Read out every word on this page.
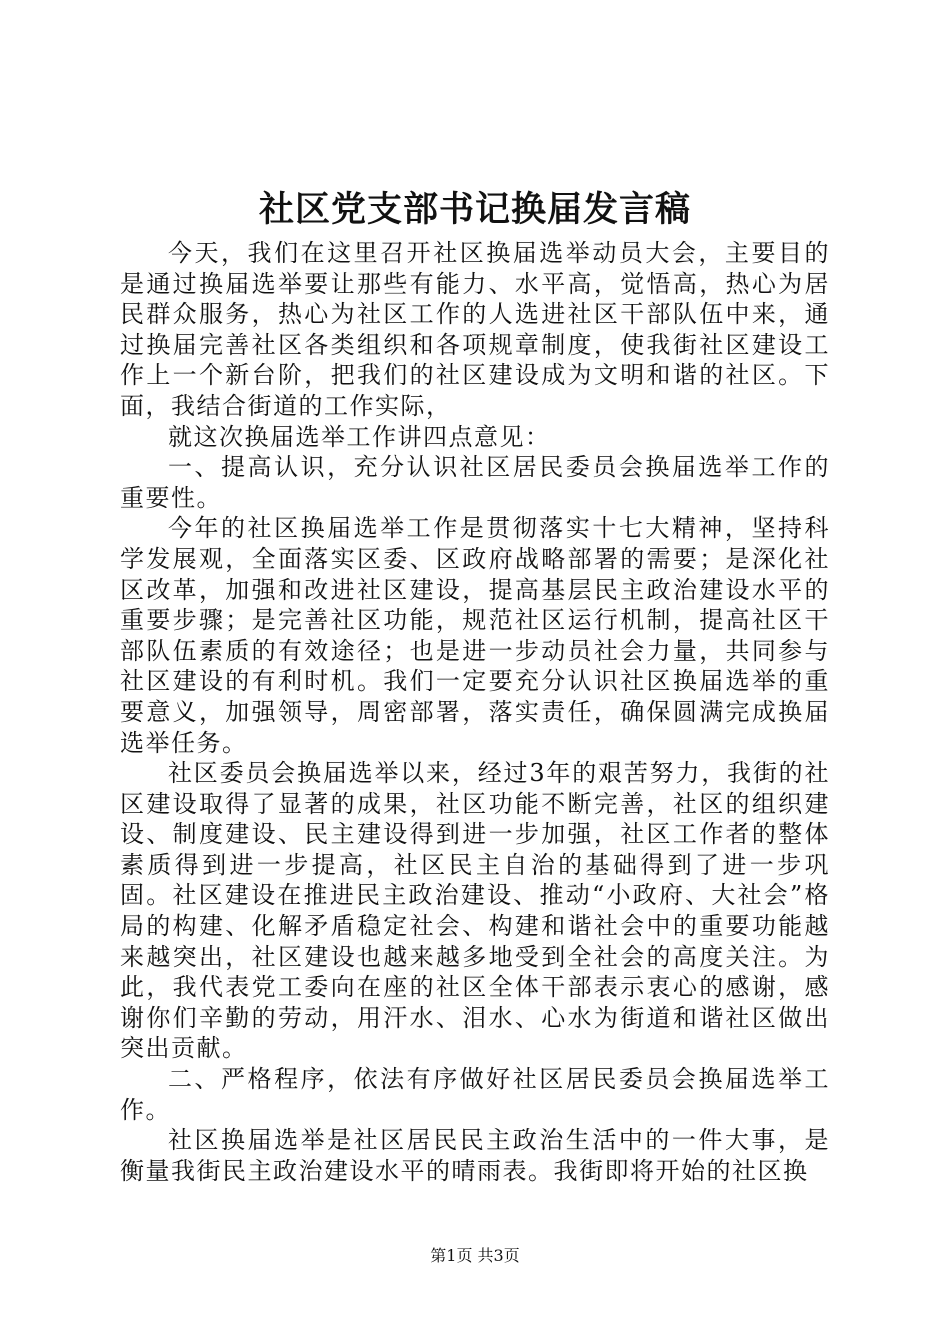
社区党支部书记换届发言稿

今天，我们在这里召开社区换届选举动员大会，主要目的是通过换届选举要让那些有能力、水平高，觉悟高，热心为居民群众服务，热心为社区工作的人选进社区干部队伍中来，通过换届完善社区各类组织和各项规章制度，使我街社区建设工作上一个新台阶，把我们的社区建设成为文明和谐的社区。下面，我结合街道的工作实际，

就这次换届选举工作讲四点意见：

一、提高认识，充分认识社区居民委员会换届选举工作的重要性。

今年的社区换届选举工作是贯彻落实十七大精神，坚持科学发展观，全面落实区委、区政府战略部署的需要；是深化社区改革，加强和改进社区建设，提高基层民主政治建设水平的重要步骤；是完善社区功能，规范社区运行机制，提高社区干部队伍素质的有效途径；也是进一步动员社会力量，共同参与社区建设的有利时机。我们一定要充分认识社区换届选举的重要意义，加强领导，周密部署，落实责任，确保圆满完成换届选举任务。

社区委员会换届选举以来，经过3年的艰苦努力，我街的社区建设取得了显著的成果，社区功能不断完善，社区的组织建设、制度建设、民主建设得到进一步加强，社区工作者的整体素质得到进一步提高，社区民主自治的基础得到了进一步巩固。社区建设在推进民主政治建设、推动“小政府、大社会”格局的构建、化解矛盾稳定社会、构建和谐社会中的重要功能越来越突出，社区建设也越来越多地受到全社会的高度关注。为此，我代表党工委向在座的社区全体干部表示衷心的感谢，感谢你们辛勤的劳动，用汗水、泪水、心水为街道和谐社区做出突出贡献。

二、严格程序，依法有序做好社区居民委员会换届选举工作。

社区换届选举是社区居民民主政治生活中的一件大事，是衡量我街民主政治建设水平的晴雨表。我街即将开始的社区换

第1页 共3页
